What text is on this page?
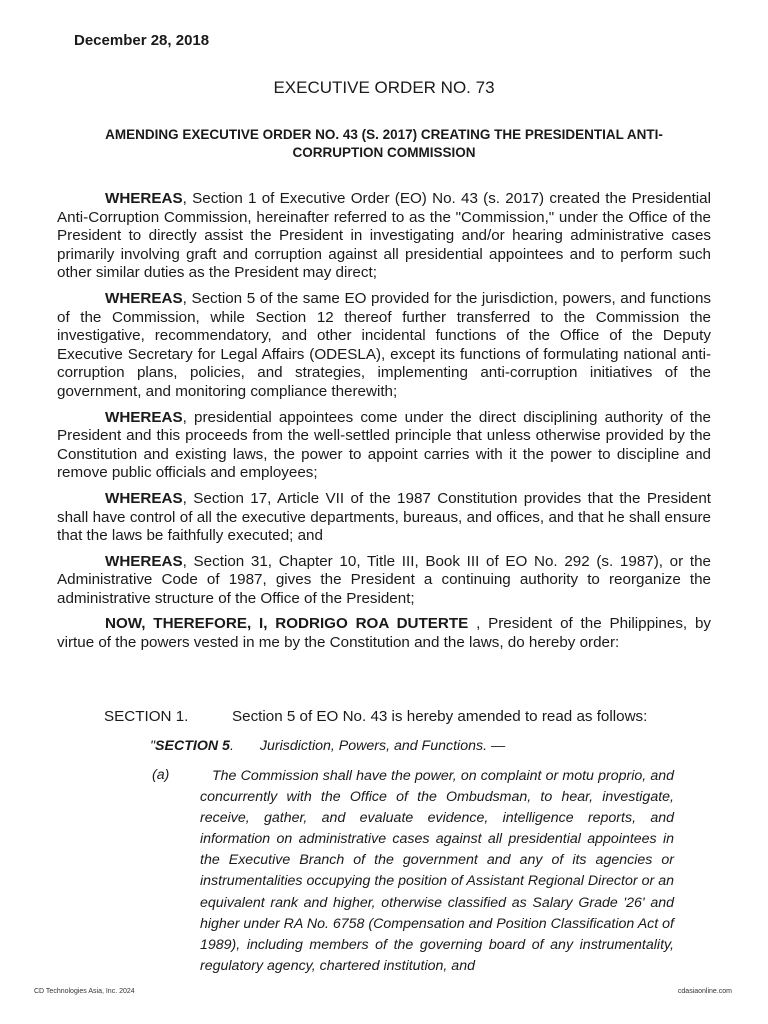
December 28, 2018
EXECUTIVE ORDER NO. 73
AMENDING EXECUTIVE ORDER NO. 43 (S. 2017) CREATING THE PRESIDENTIAL ANTI-CORRUPTION COMMISSION

WHEREAS, Section 1 of Executive Order (EO) No. 43 (s. 2017) created the Presidential Anti-Corruption Commission, hereinafter referred to as the "Commission," under the Office of the President to directly assist the President in investigating and/or hearing administrative cases primarily involving graft and corruption against all presidential appointees and to perform such other similar duties as the President may direct;

WHEREAS, Section 5 of the same EO provided for the jurisdiction, powers, and functions of the Commission, while Section 12 thereof further transferred to the Commission the investigative, recommendatory, and other incidental functions of the Office of the Deputy Executive Secretary for Legal Affairs (ODESLA), except its functions of formulating national anti-corruption plans, policies, and strategies, implementing anti-corruption initiatives of the government, and monitoring compliance therewith;

WHEREAS, presidential appointees come under the direct disciplining authority of the President and this proceeds from the well-settled principle that unless otherwise provided by the Constitution and existing laws, the power to appoint carries with it the power to discipline and remove public officials and employees;

WHEREAS, Section 17, Article VII of the 1987 Constitution provides that the President shall have control of all the executive departments, bureaus, and offices, and that he shall ensure that the laws be faithfully executed; and

WHEREAS, Section 31, Chapter 10, Title III, Book III of EO No. 292 (s. 1987), or the Administrative Code of 1987, gives the President a continuing authority to reorganize the administrative structure of the Office of the President;

NOW, THEREFORE, I, RODRIGO ROA DUTERTE , President of the Philippines, by virtue of the powers vested in me by the Constitution and the laws, do hereby order:

SECTION 1.	Section 5 of EO No. 43 is hereby amended to read as follows:
"SECTION 5. Jurisdiction, Powers, and Functions. —
(a)	The Commission shall have the power, on complaint or motu proprio, and concurrently with the Office of the Ombudsman, to hear, investigate, receive, gather, and evaluate evidence, intelligence reports, and information on administrative cases against all presidential appointees in the Executive Branch of the government and any of its agencies or instrumentalities occupying the position of Assistant Regional Director or an equivalent rank and higher, otherwise classified as Salary Grade '26' and higher under RA No. 6758 (Compensation and Position Classification Act of 1989), including members of the governing board of any instrumentality, regulatory agency, chartered institution, and
CD Technologies Asia, Inc. 2024	cdasiaonline.com
